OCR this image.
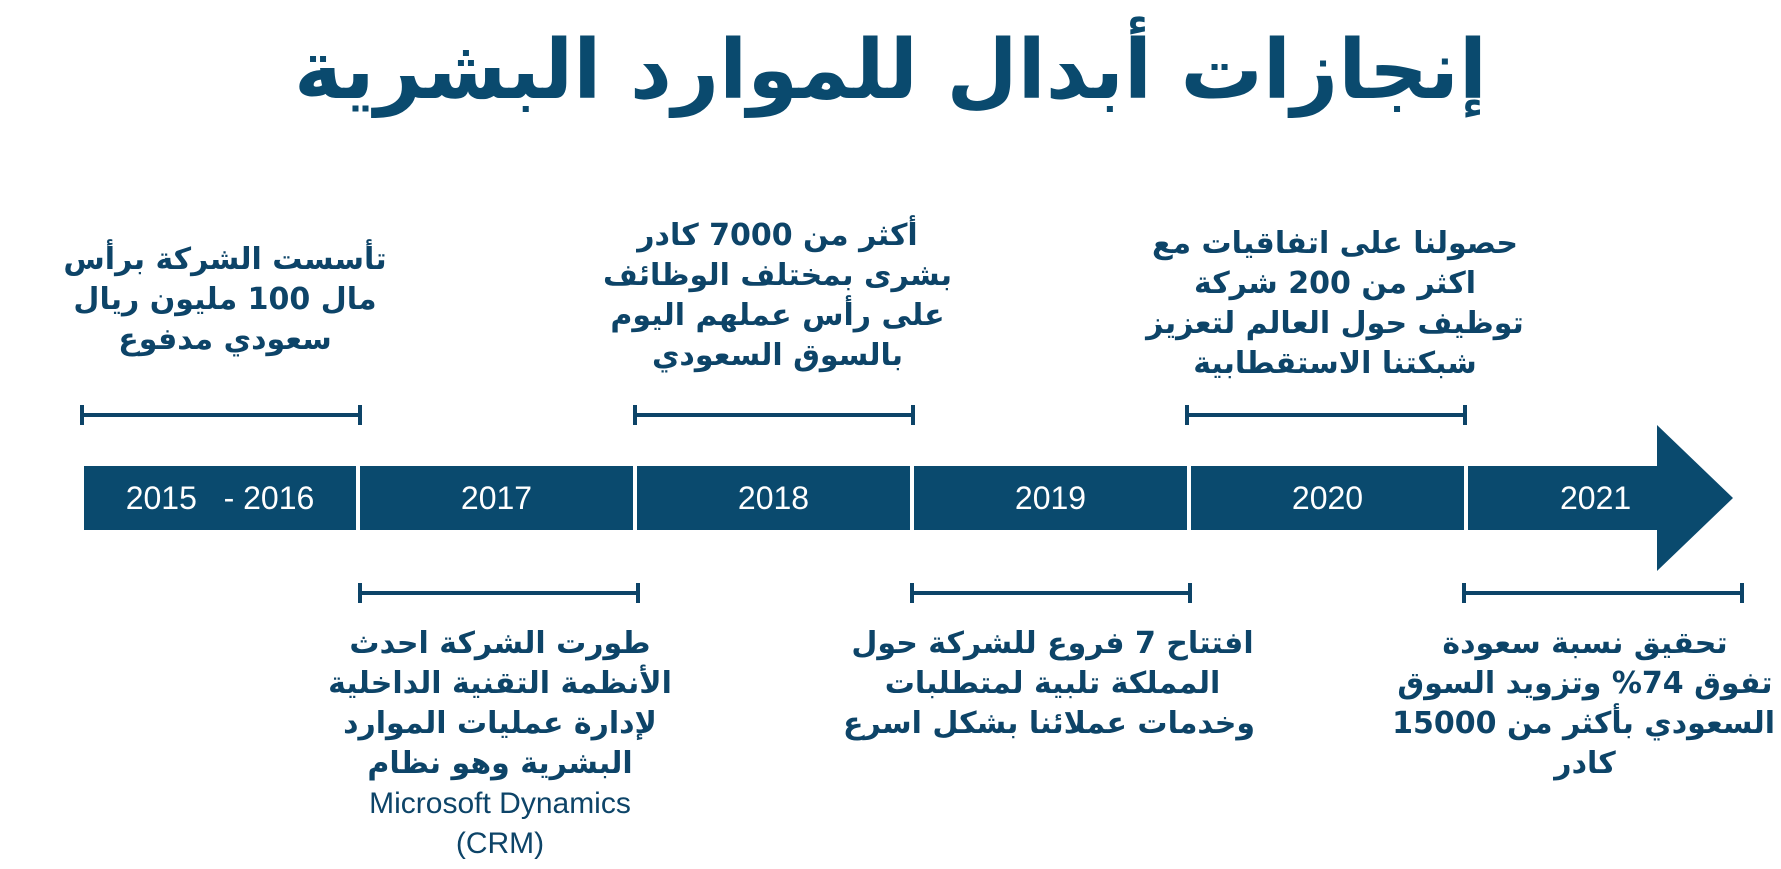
إنجازات أبدال للموارد البشرية
تأسست الشركة برأس
مال 100 مليون ريال
سعودي مدفوع
أكثر من 7000 كادر
بشرى بمختلف الوظائف
على رأس عملهم اليوم
بالسوق السعودي
حصولنا على اتفاقيات مع
اكثر من 200 شركة
توظيف حول العالم لتعزيز
شبكتنا الاستقطابية
2015   - 2016	2017	2018	2019	2020	2021
طورت الشركة احدث
الأنظمة التقنية الداخلية
لإدارة عمليات الموارد
البشرية وهو نظام
Microsoft Dynamics
(CRM)
افتتاح 7 فروع للشركة حول
المملكة تلبية لمتطلبات
وخدمات عملائنا بشكل اسرع
تحقيق نسبة سعودة
تفوق 74% وتزويد السوق
السعودي بأكثر من 15000
كادر
